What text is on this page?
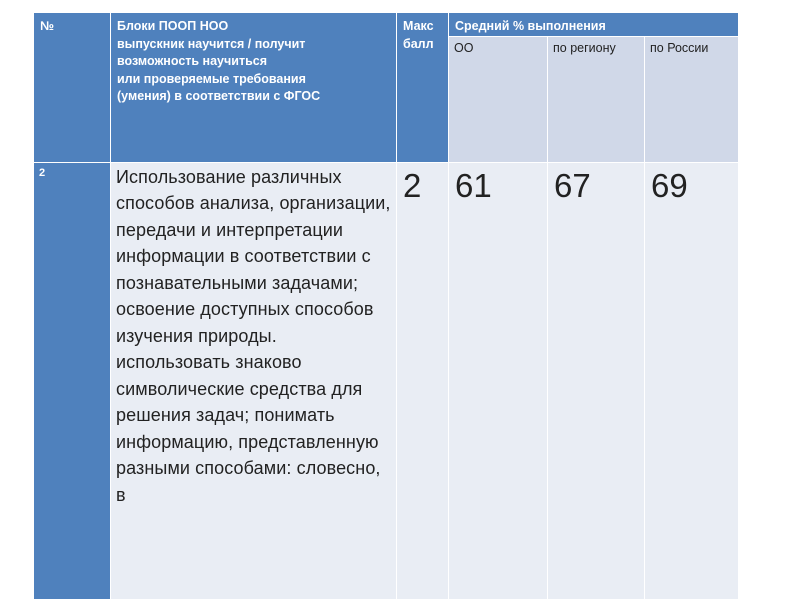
№	Блоки ПООП НОО
выпускник научится / получит
возможность научиться
или проверяемые требования
(умения) в соответствии с ФГОС	Макс
балл	Средний % выполнения		
			ОО	по региону	по России
2	Использование различных способов анализа, организации, передачи и интерпретации информации в соответствии с познавательными задачами; освоение доступных способов изучения природы. использовать знаково символические средства для решения задач; понимать информацию, представленную разными способами: словесно, в	2	61	67	69
